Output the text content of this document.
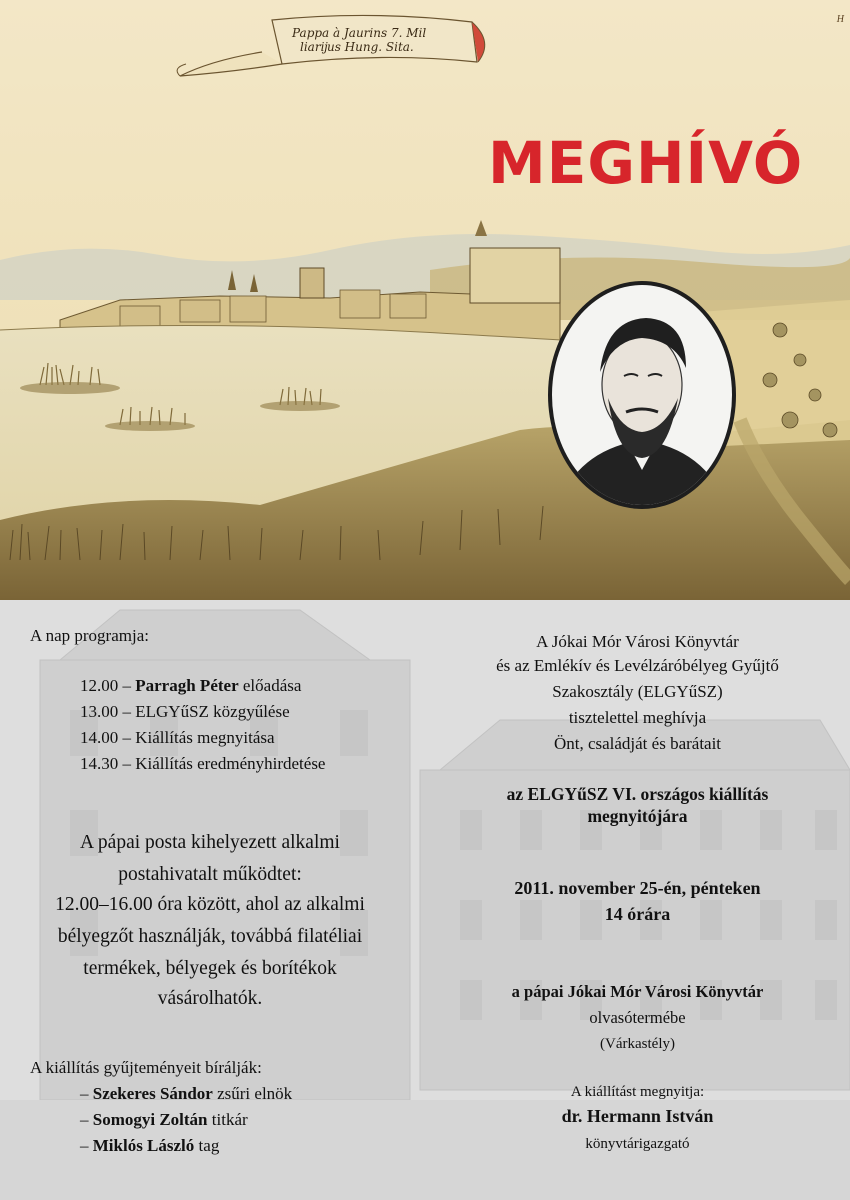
Pappa à Jaurins 7. Mil
liarĳus Hung. Sita.
H
MEGHÍVÓ
A nap programja:
12.00 – Parragh Péter előadása
13.00 – ELGYűSZ közgyűlése
14.00 – Kiállítás megnyitása
14.30 – Kiállítás eredményhirdetése
A pápai posta kihelyezett alkalmi
postahivatalt működtet:
12.00–16.00 óra között, ahol az alkalmi
bélyegzőt használják, továbbá filatéliai
termékek, bélyegek és borítékok
vásárolhatók.
A kiállítás gyűjteményeit bírálják:
– Szekeres Sándor zsűri elnök
– Somogyi Zoltán titkár
– Miklós László tag
A Jókai Mór Városi Könyvtár
és az Emlékív és Levélzáróbélyeg Gyűjtő
Szakosztály (ELGYűSZ)
tisztelettel meghívja
Önt, családját és barátait
az ELGYűSZ VI. országos kiállítás
megnyitójára
2011. november 25-én, pénteken
14 órára
a pápai Jókai Mór Városi Könyvtár
olvasótermébe
(Várkastély)
A kiállítást megnyitja:
dr. Hermann István
könyvtárigazgató
